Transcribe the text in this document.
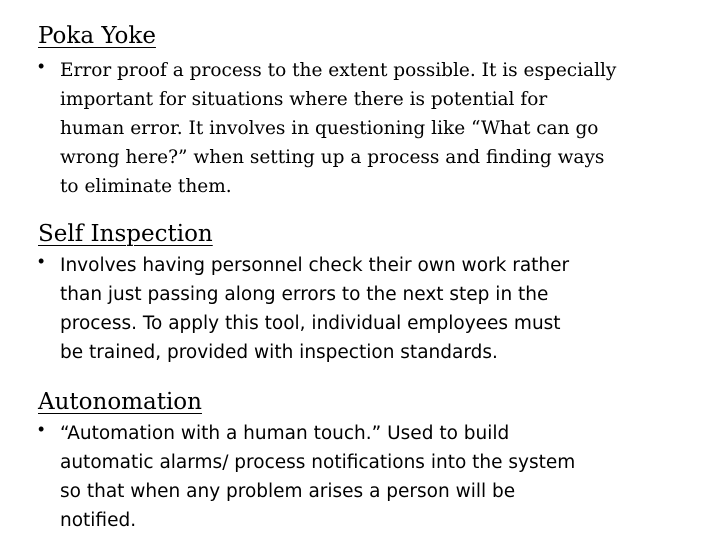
Poka Yoke
• Error proof a process to the extent possible. It is especially
important for situations where there is potential for
human error. It involves in questioning like “What can go
wrong here?” when setting up a process and finding ways
to eliminate them.
Self Inspection
• Involves having personnel check their own work rather
than just passing along errors to the next step in the
process. To apply this tool, individual employees must
be trained, provided with inspection standards.
Autonomation
• “Automation with a human touch.” Used to build
automatic alarms/ process notifications into the system
so that when any problem arises a person will be
notified.
